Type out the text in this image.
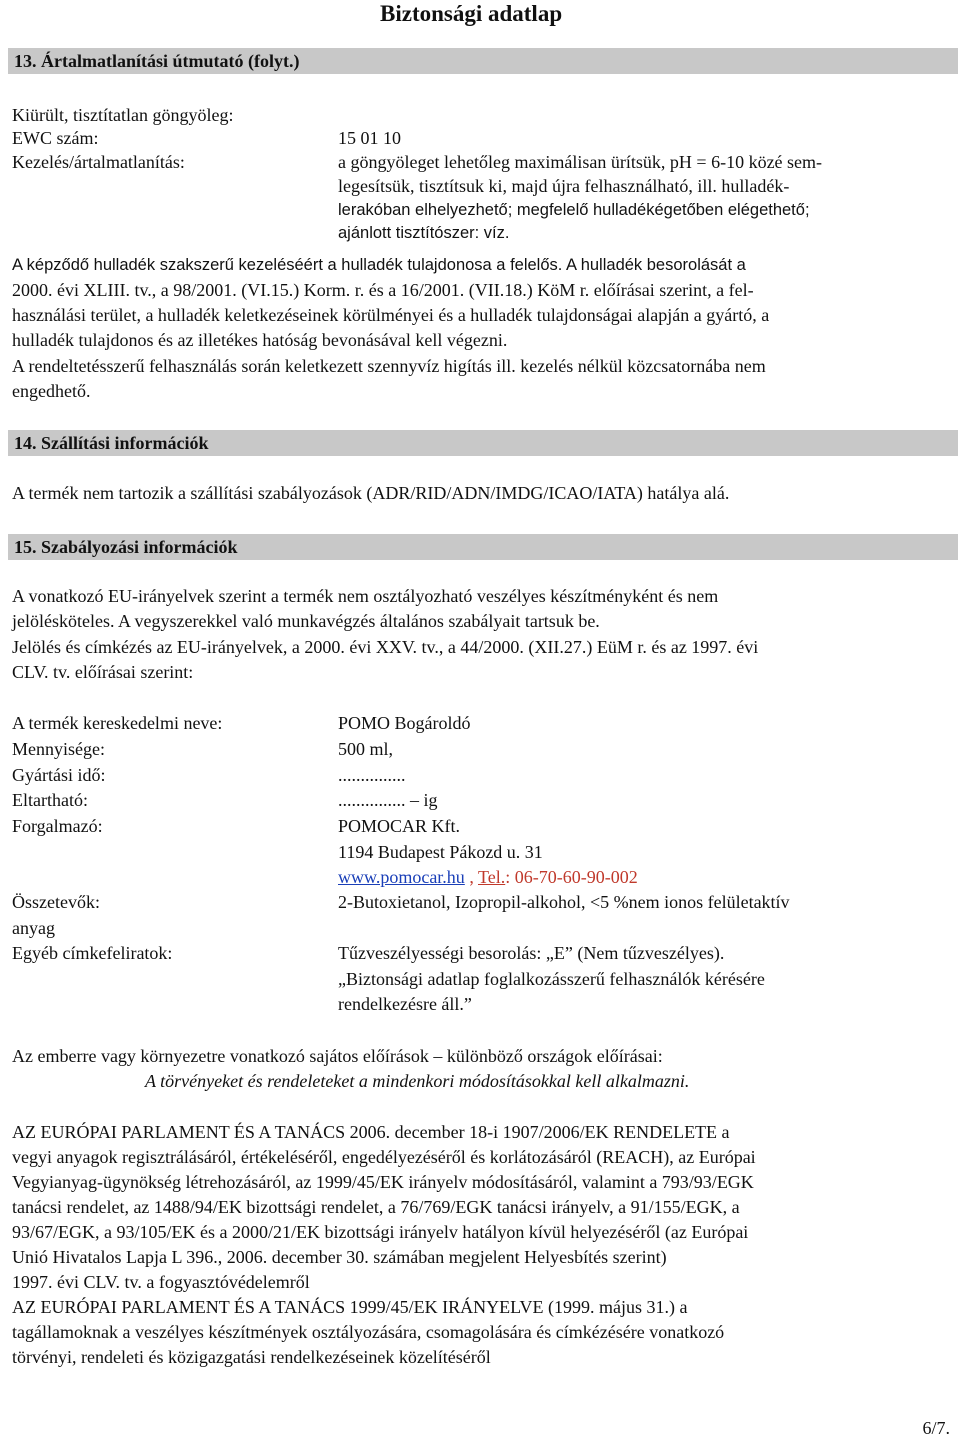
Biztonsági adatlap
13. Ártalmatlanítási útmutató (folyt.)
Kiürült, tisztítatlan göngyöleg:
EWC szám:	15 01 10
Kezelés/ártalmatlanítás:	a göngyöleget lehetőleg maximálisan ürítsük, pH = 6-10 közé sem-
legesítsük, tisztítsuk ki, majd újra felhasználható, ill. hulladék-
lerakóban elhelyezhető; megfelelő hulladékégetőben elégethető;
ajánlott tisztítószer: víz.
A képződő hulladék szakszerű kezeléséért a hulladék tulajdonosa a felelős. A hulladék besorolását a
2000. évi XLIII. tv., a 98/2001. (VI.15.) Korm. r. és a 16/2001. (VII.18.) KöM r. előírásai szerint, a fel-
használási terület, a hulladék keletkezéseinek körülményei és a hulladék tulajdonságai alapján a gyártó, a
hulladék tulajdonos és az illetékes hatóság bevonásával kell végezni.
A rendeltetésszerű felhasználás során keletkezett szennyvíz higítás ill. kezelés nélkül közcsatornába nem
engedhető.
14. Szállítási információk
A termék nem tartozik a szállítási szabályozások (ADR/RID/ADN/IMDG/ICAO/IATA) hatálya alá.
15. Szabályozási információk
A vonatkozó EU-irányelvek szerint a termék nem osztályozható veszélyes készítményként és nem
jelölésköteles. A vegyszerekkel való munkavégzés általános szabályait tartsuk be.
Jelölés és címkézés az EU-irányelvek, a 2000. évi XXV. tv., a 44/2000. (XII.27.) EüM r. és az 1997. évi
CLV. tv. előírásai szerint:
A termék kereskedelmi neve:	POMO Bogároldó
Mennyisége:	500 ml,
Gyártási idő:	...............
Eltartható:	............... – ig
Forgalmazó:	POMOCAR Kft.
1194 Budapest Pákozd u. 31
www.pomocar.hu , Tel.: 06-70-60-90-002
Összetevők:	2-Butoxietanol, Izopropil-alkohol, <5 %nem ionos felületaktív
anyag
Egyéb címkefeliratok:	Tűzveszélyességi besorolás: „E” (Nem tűzveszélyes).
„Biztonsági adatlap foglalkozásszerű felhasználók kérésére
rendelkezésre áll.”
Az emberre vagy környezetre vonatkozó sajátos előírások – különböző országok előírásai:
A törvényeket és rendeleteket a mindenkori módosításokkal kell alkalmazni.
AZ EURÓPAI PARLAMENT ÉS A TANÁCS 2006. december 18-i 1907/2006/EK RENDELETE a
vegyi anyagok regisztrálásáról, értékeléséről, engedélyezéséről és korlátozásáról (REACH), az Európai
Vegyianyag-ügynökség létrehozásáról, az 1999/45/EK irányelv módosításáról, valamint a 793/93/EGK
tanácsi rendelet, az 1488/94/EK bizottsági rendelet, a 76/769/EGK tanácsi irányelv, a 91/155/EGK, a
93/67/EGK, a 93/105/EK és a 2000/21/EK bizottsági irányelv hatályon kívül helyezéséről (az Európai
Unió Hivatalos Lapja L 396., 2006. december 30. számában megjelent Helyesbítés szerint)
1997. évi CLV. tv. a fogyasztóvédelemről
AZ EURÓPAI PARLAMENT ÉS A TANÁCS 1999/45/EK IRÁNYELVE (1999. május 31.) a
tagállamoknak a veszélyes készítmények osztályozására, csomagolására és címkézésére vonatkozó
törvényi, rendeleti és közigazgatási rendelkezéseinek közelítéséről
6/7.
